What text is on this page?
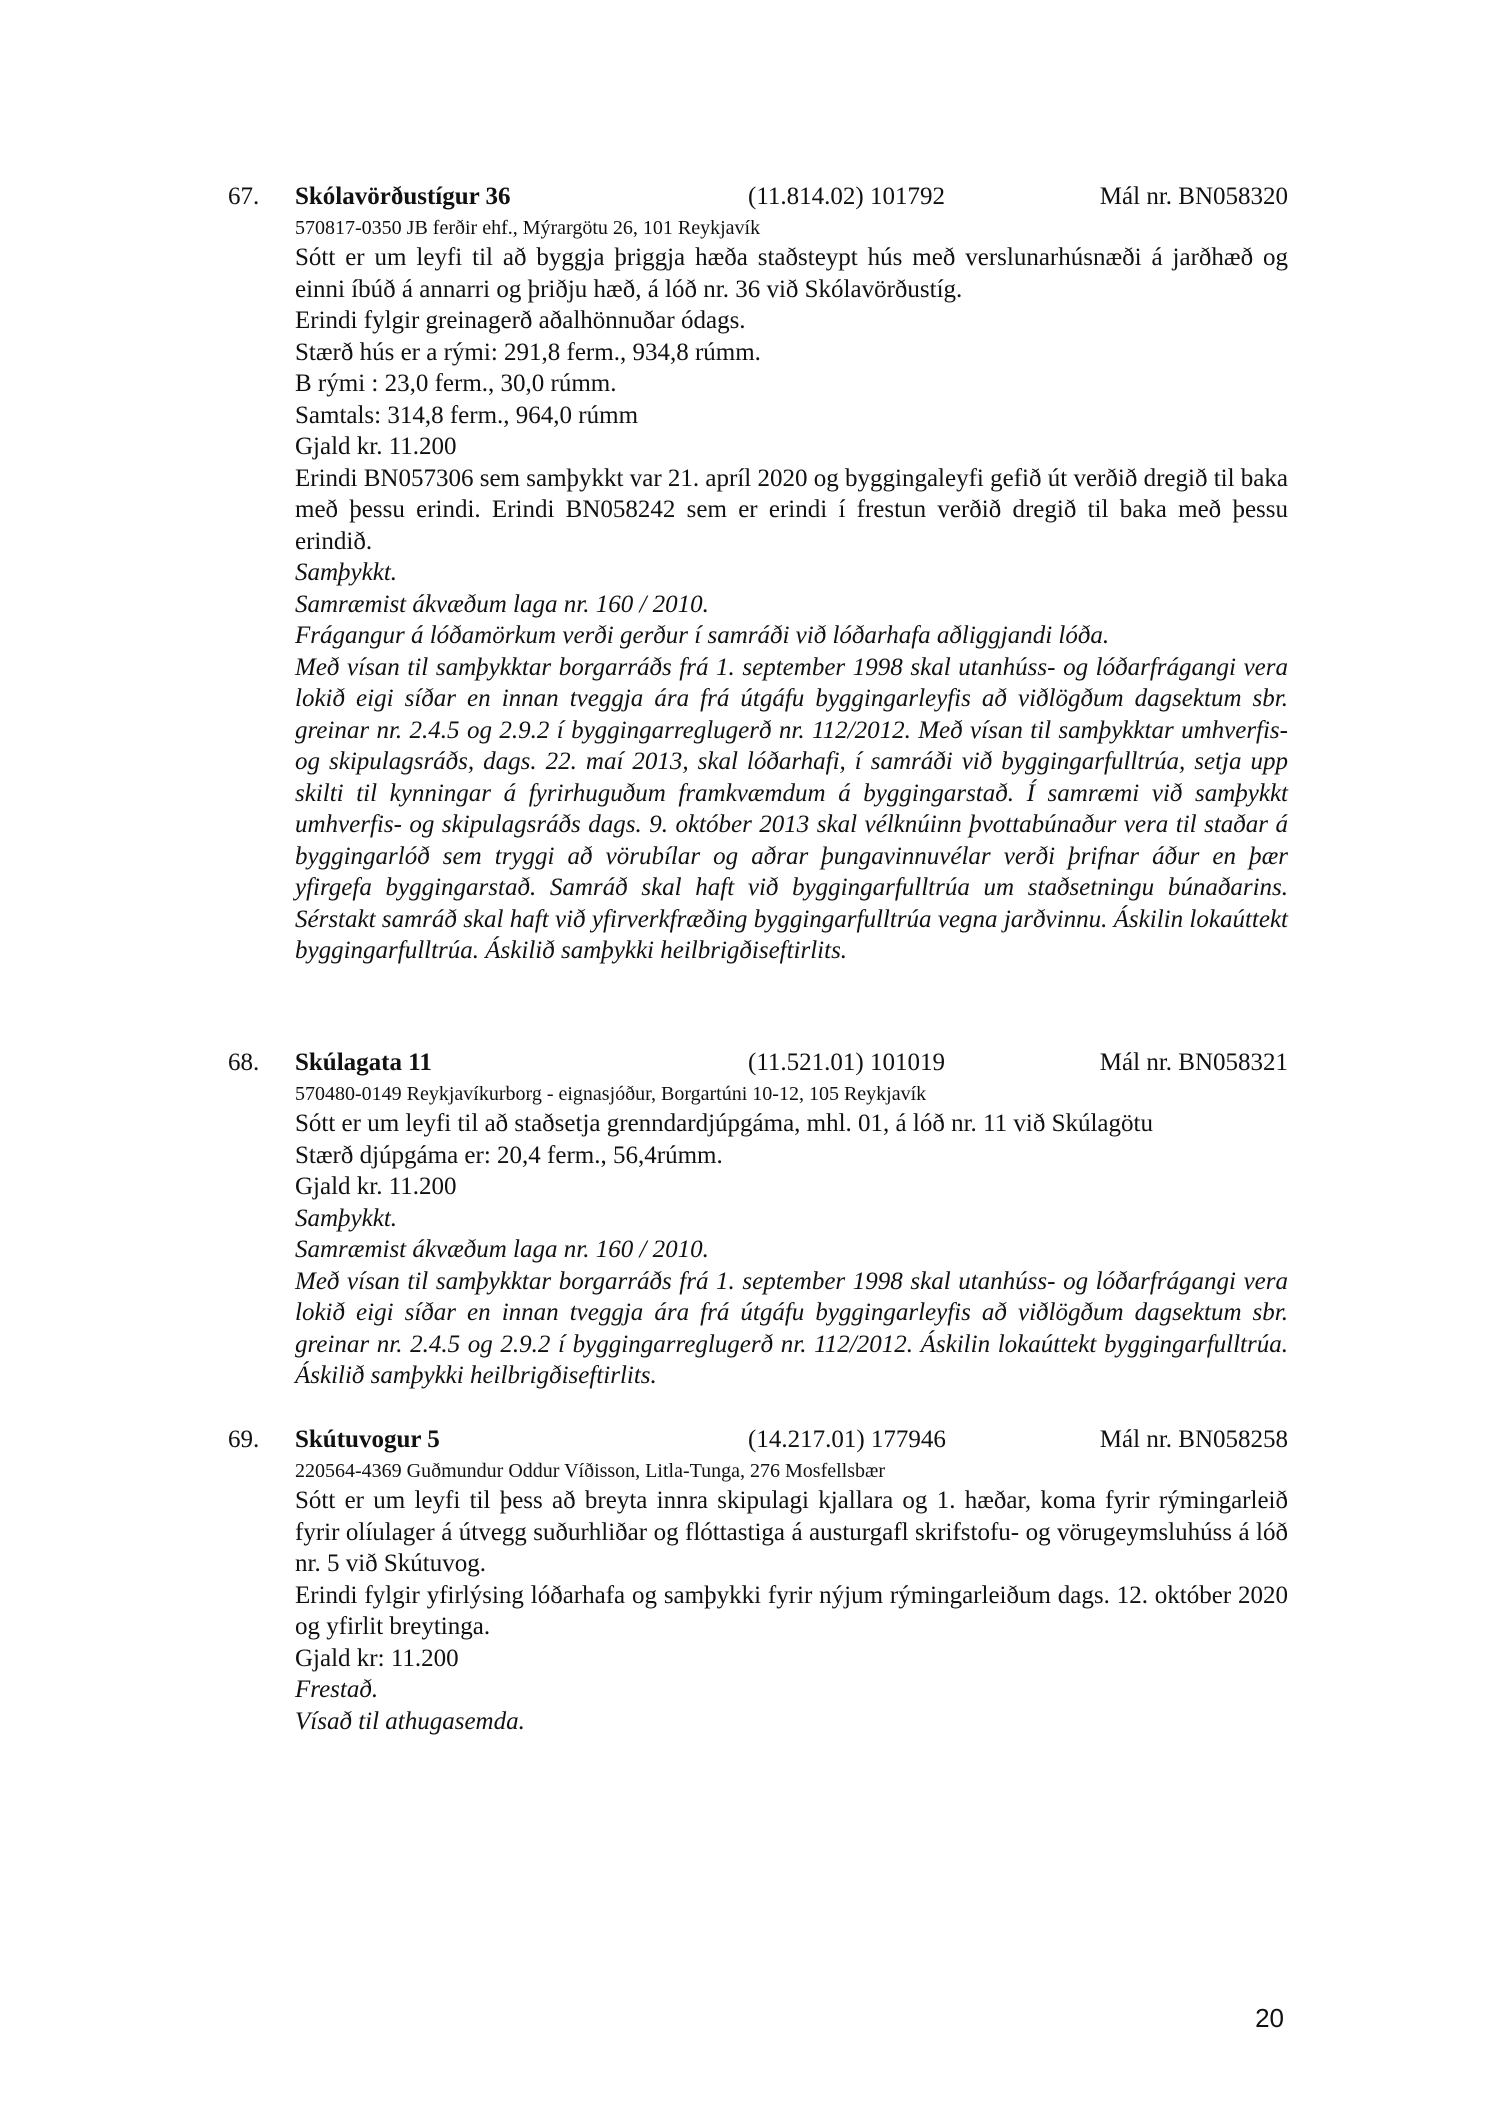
67. Skólavörðustígur 36	(11.814.02) 101792	Mál nr. BN058320
570817-0350 JB ferðir ehf., Mýrargötu 26, 101 Reykjavík

Sótt er um leyfi til að byggja þriggja hæða staðsteypt hús með verslunarhúsnæði á jarðhæð og einni íbúð á annarri og þriðju hæð, á lóð nr. 36 við Skólavörðustíg.

Erindi fylgir greinagerð aðalhönnuðar ódags.

Stærð hús er a rými: 291,8 ferm., 934,8 rúmm.

B rými : 23,0 ferm., 30,0 rúmm.

Samtals: 314,8 ferm., 964,0 rúmm

Gjald kr. 11.200

Erindi BN057306 sem samþykkt var 21. apríl 2020 og byggingaleyfi gefið út verðið dregið til baka með þessu erindi. Erindi BN058242 sem er erindi í frestun verðið dregið til baka með þessu erindið.

Samþykkt.

Samræmist ákvæðum laga nr. 160 / 2010.

Frágangur á lóðamörkum verði gerður í samráði við lóðarhafa aðliggjandi lóða.

Með vísan til samþykktar borgarráðs frá 1. september 1998 skal utanhúss- og lóðarfrágangi vera lokið eigi síðar en innan tveggja ára frá útgáfu byggingarleyfis að viðlögðum dagsektum sbr. greinar nr. 2.4.5 og 2.9.2 í byggingarreglugerð nr. 112/2012. Með vísan til samþykktar umhverfis- og skipulagsráðs, dags. 22. maí 2013, skal lóðarhafi, í samráði við byggingarfulltrúa, setja upp skilti til kynningar á fyrirhuguðum framkvæmdum á byggingarstað. Í samræmi við samþykkt umhverfis- og skipulagsráðs dags. 9. október 2013 skal vélknúinn þvottabúnaður vera til staðar á byggingarlóð sem tryggi að vörubílar og aðrar þungavinnuvélar verði þrifnar áður en þær yfirgefa byggingarstað. Samráð skal haft við byggingarfulltrúa um staðsetningu búnaðarins. Sérstakt samráð skal haft við yfirverkfræðing byggingarfulltrúa vegna jarðvinnu. Áskilin lokaúttekt byggingarfulltrúa. Áskilið samþykki heilbrigðiseftirlits.

68. Skúlagata 11	(11.521.01) 101019	Mál nr. BN058321
570480-0149 Reykjavíkurborg - eignasjóður, Borgartúni 10-12, 105 Reykjavík

Sótt er um leyfi til að staðsetja grenndardjúpgáma, mhl. 01, á lóð nr. 11 við Skúlagötu

Stærð djúpgáma er: 20,4 ferm., 56,4rúmm.

Gjald kr. 11.200

Samþykkt.

Samræmist ákvæðum laga nr. 160 / 2010.

Með vísan til samþykktar borgarráðs frá 1. september 1998 skal utanhúss- og lóðarfrágangi vera lokið eigi síðar en innan tveggja ára frá útgáfu byggingarleyfis að viðlögðum dagsektum sbr. greinar nr. 2.4.5 og 2.9.2 í byggingarreglugerð nr. 112/2012. Áskilin lokaúttekt byggingarfulltrúa. Áskilið samþykki heilbrigðiseftirlits.

69. Skútuvogur 5	(14.217.01) 177946	Mál nr. BN058258
220564-4369 Guðmundur Oddur Víðisson, Litla-Tunga, 276 Mosfellsbær

Sótt er um leyfi til þess að breyta innra skipulagi kjallara og 1. hæðar, koma fyrir rýmingarleið fyrir olíulager á útvegg suðurhliðar og flóttastiga á austurgafl skrifstofu- og vörugeymsluhúss á lóð nr. 5 við Skútuvog.

Erindi fylgir yfirlýsing lóðarhafa og samþykki fyrir nýjum rýmingarleiðum dags. 12. október 2020 og yfirlit breytinga.

Gjald kr: 11.200

Frestað.

Vísað til athugasemda.

20
